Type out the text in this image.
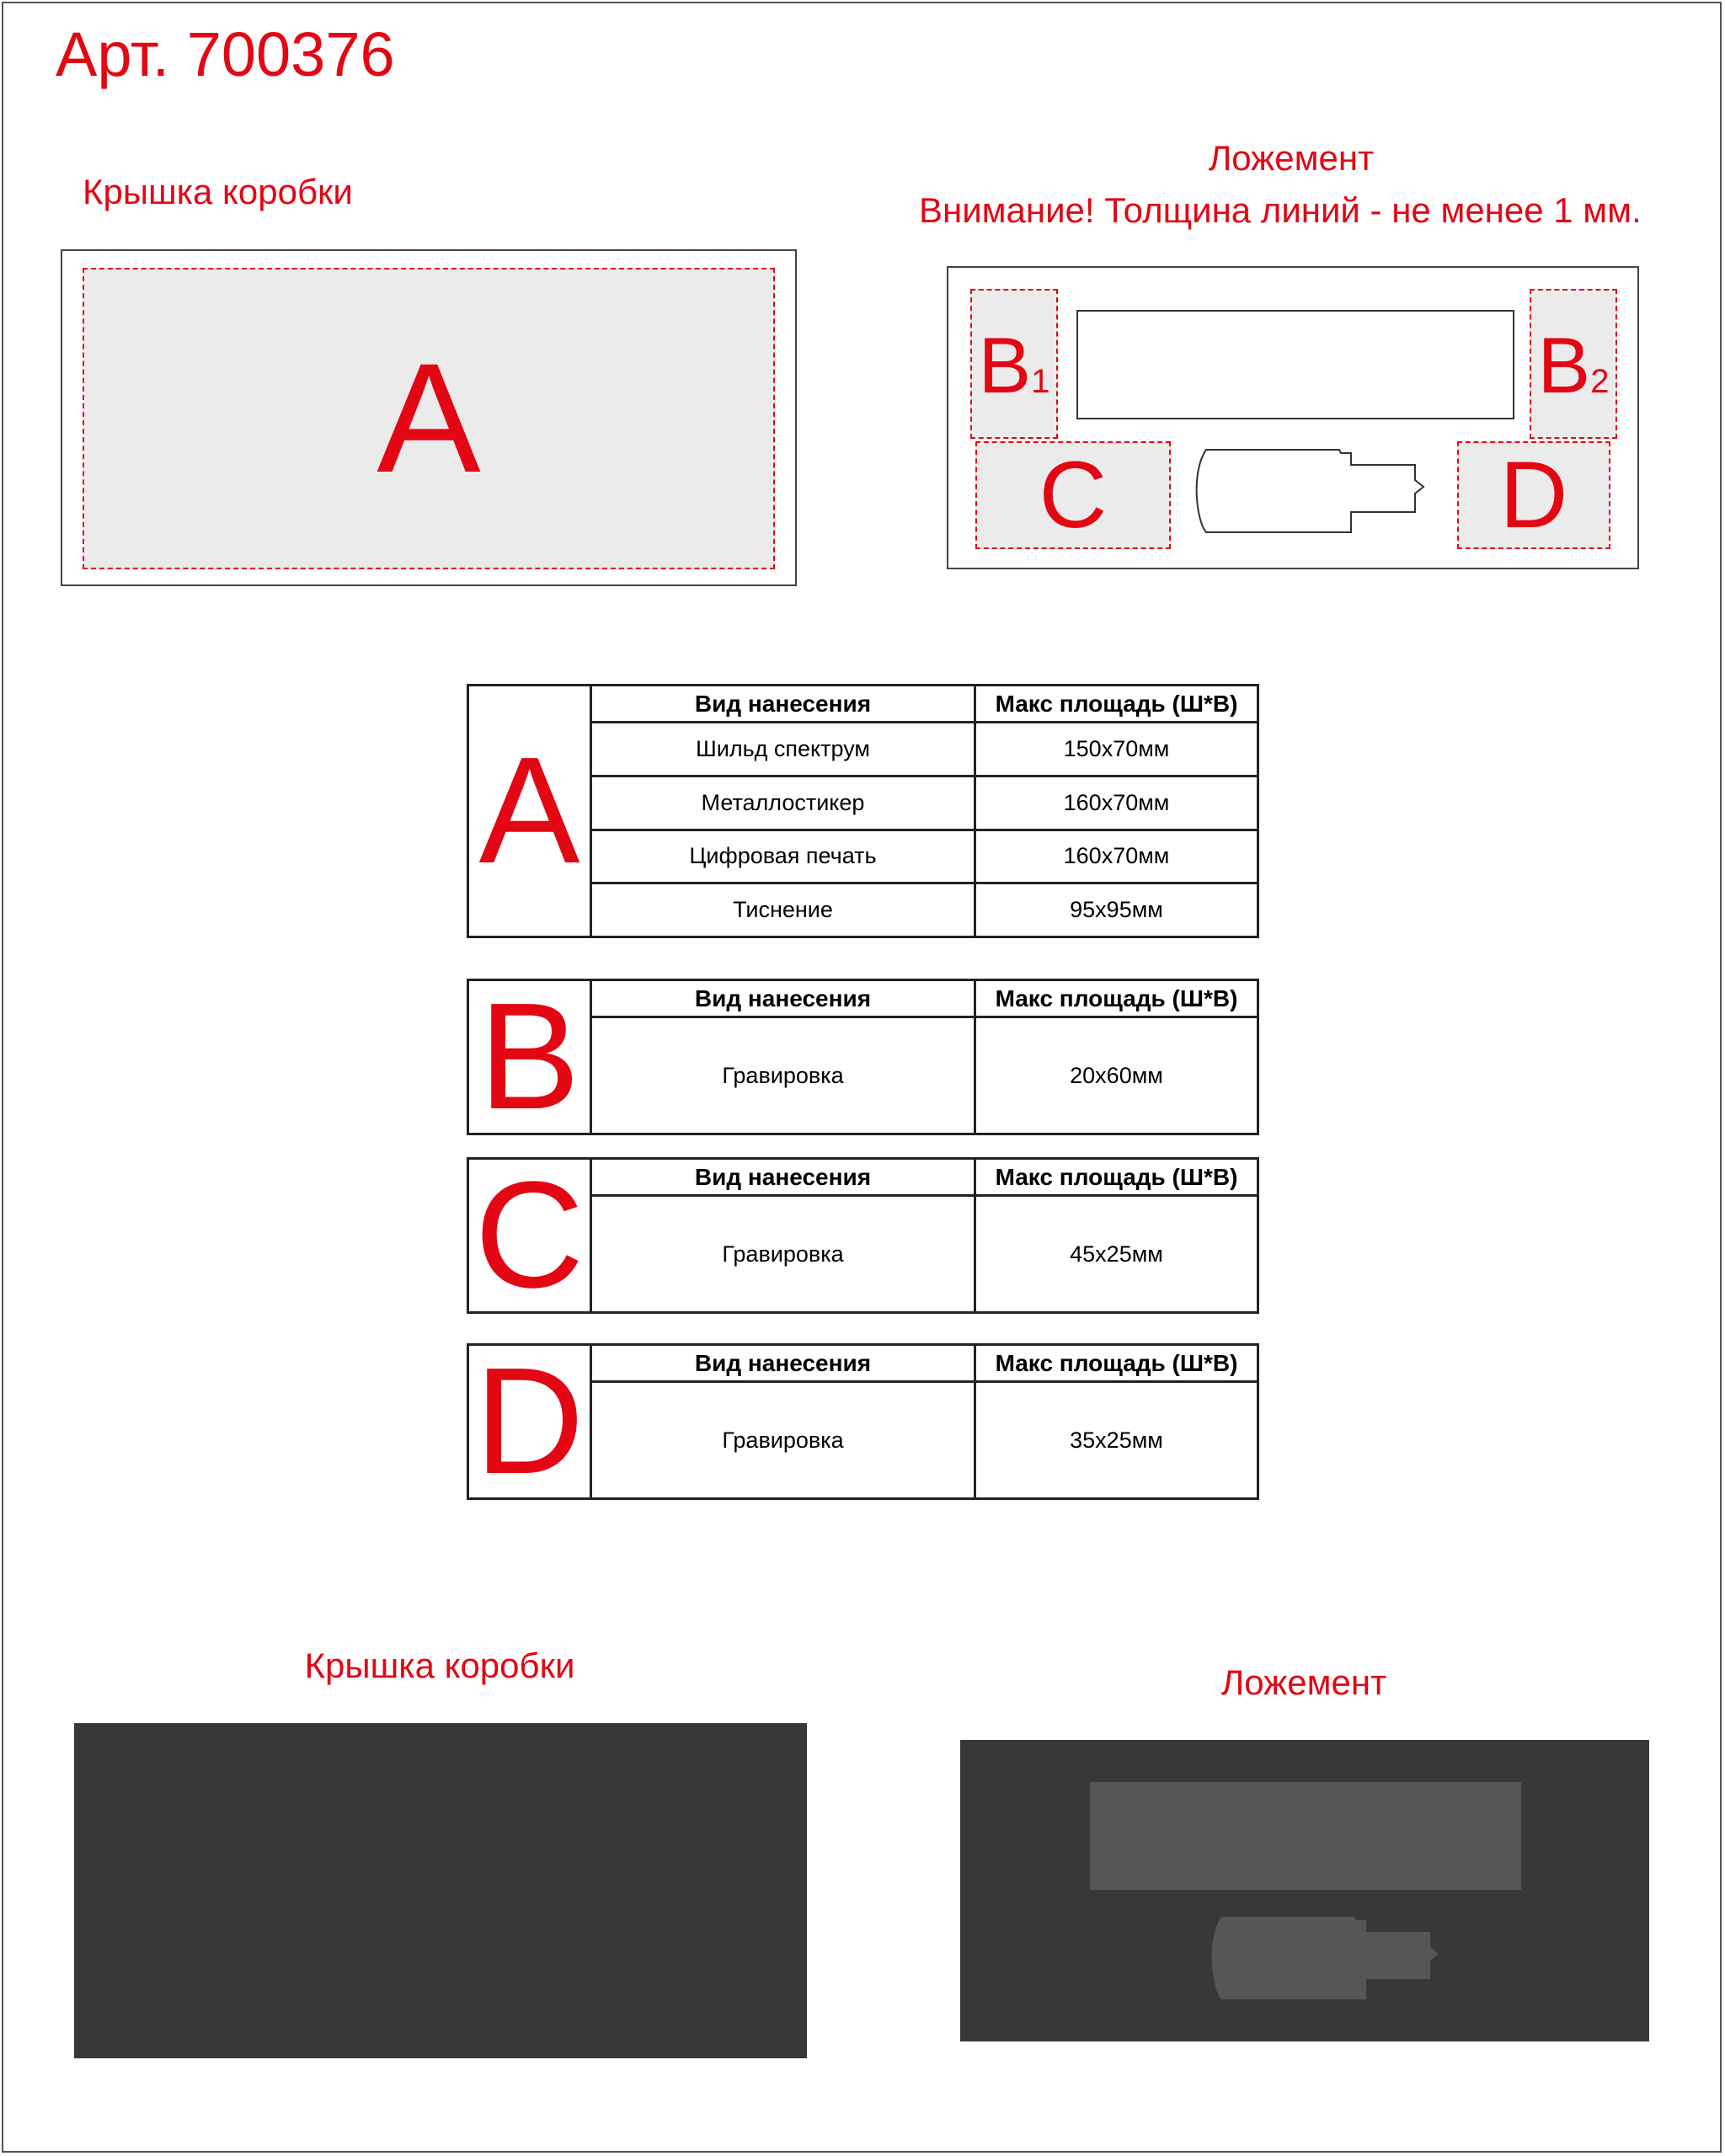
Арт. 700376
Крышка коробки
A
Ложемент
Внимание! Толщина линий - не менее 1 мм.
B1	B2
C	D
A	Вид нанесения	Макс площадь (Ш*В)
	Шильд спектрум	150х70мм
	Металлостикер	160х70мм
	Цифровая печать	160х70мм
	Тиснение	95х95мм
B	Вид нанесения	Макс площадь (Ш*В)
	Гравировка	20х60мм
C	Вид нанесения	Макс площадь (Ш*В)
	Гравировка	45х25мм
D	Вид нанесения	Макс площадь (Ш*В)
	Гравировка	35х25мм
Крышка коробки	Ложемент
